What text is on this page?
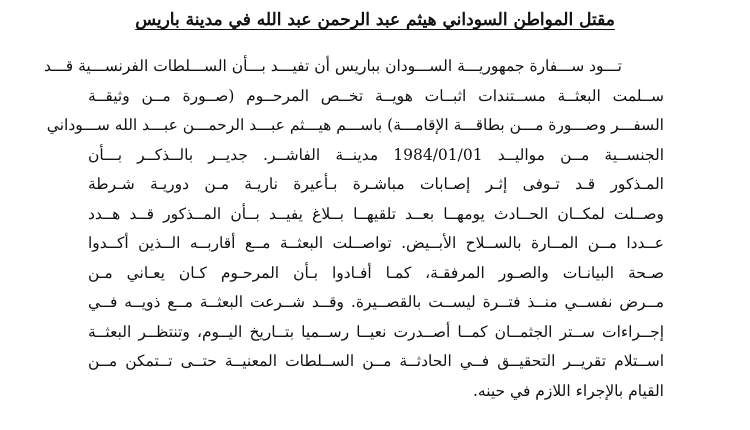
مقتل المواطن السوداني هيثم عبد الرحمن عبد الله في مدينة باريس
تـــود ســـفارة جمهوريـــة الســـودان بباريس أن تفيـــد بـــأن الســـلطات الفرنســـية قـــد
ســلمت البعثــة مســتندات اثبــات هويــة تخــص المرحــوم (صــورة مــن وثيقــة
السفـــر وصـــورة مـــن بطاقـــة الإقامـــة) باســـم هيـــثم عبـــد الرحمـــن عبـــد الله ســـوداني
الجنســية مــن مواليــد 1984/01/01 مدينــة الفاشــر. جديــر بالــذكــر بـــأن
المـذكور قـد تـوفى إثـر إصـابات مباشـرة بـأعيرة ناريـة مـن دوريـة شـرطة
وصــلت لمكــان الحــادث يومهــا بعــد تلقيهــا بــلاغ يفيــد بــأن المــذكور قــد هــدد
عــددا مــن المــارة بالســلاح الأبــيض. تواصــلت البعثــة مــع أقاربــه الــذين أكــدوا
صـحة البيانـات والصـور المرفقـة، كمـا أفـادوا بـأن المرحـوم كـان يعـاني مـن
مــرض نفســي منــذ فتــرة ليســت بالقصــيرة. وقــد شــرعت البعثــة مــع ذويــه فــي
إجــراءات ســتر الجثمــان كمــا أصــدرت نعيــا رســميا بتــاريخ اليــوم، وتنتظــر البعثــة
اســتلام تقريــر التحقيــق فــي الحادثــة مــن الســلطات المعنيــة حتــى تــتمكن مــن
القيام بالإجراء اللازم في حينه.
